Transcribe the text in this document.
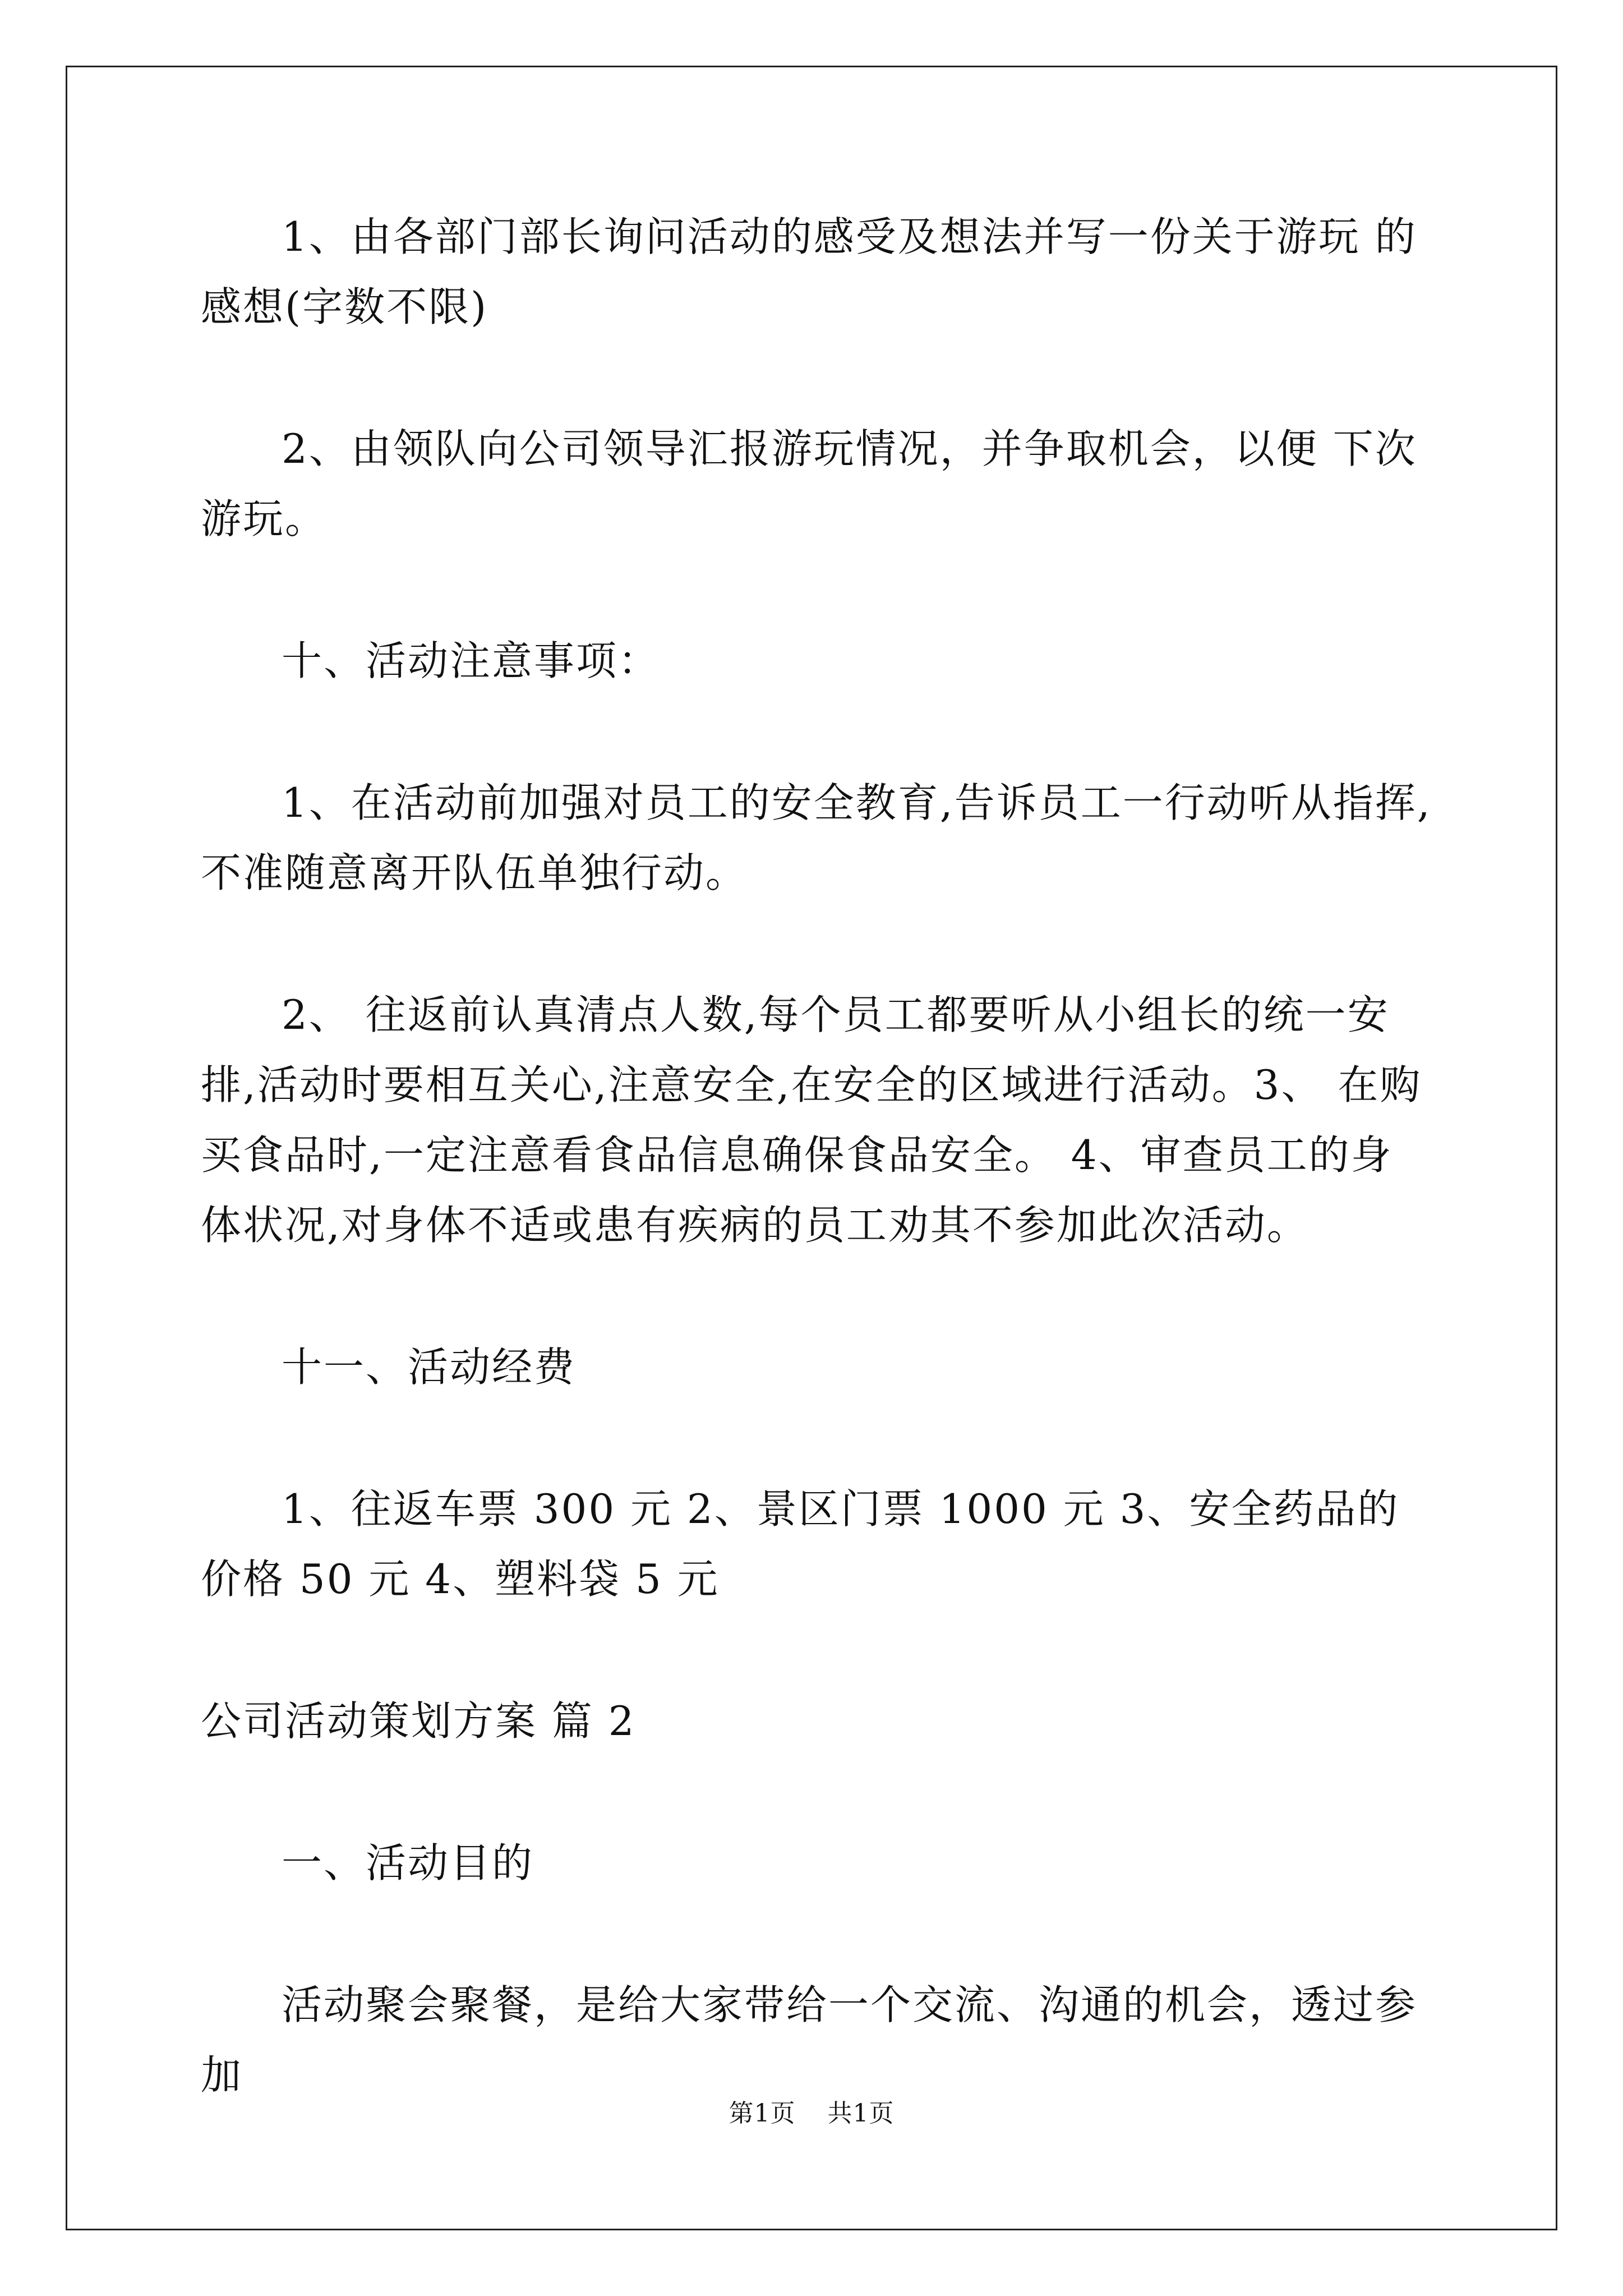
1、由各部门部长询问活动的感受及想法并写一份关于游玩 的感想(字数不限)

2、由领队向公司领导汇报游玩情况，并争取机会，以便 下次游玩。

十、活动注意事项：

1、在活动前加强对员工的安全教育,告诉员工一行动听从指挥,不准随意离开队伍单独行动。

2、 往返前认真清点人数,每个员工都要听从小组长的统一安排,活动时要相互关心,注意安全,在安全的区域进行活动。3、 在购买食品时,一定注意看食品信息确保食品安全。 4、审查员工的身体状况,对身体不适或患有疾病的员工劝其不参加此次活动。

十一、活动经费

1、往返车票 300 元 2、景区门票 1000 元 3、安全药品的价格 50 元 4、塑料袋 5 元

公司活动策划方案 篇 2

一、活动目的

活动聚会聚餐，是给大家带给一个交流、沟通的机会，透过参加

第1页 共1页
